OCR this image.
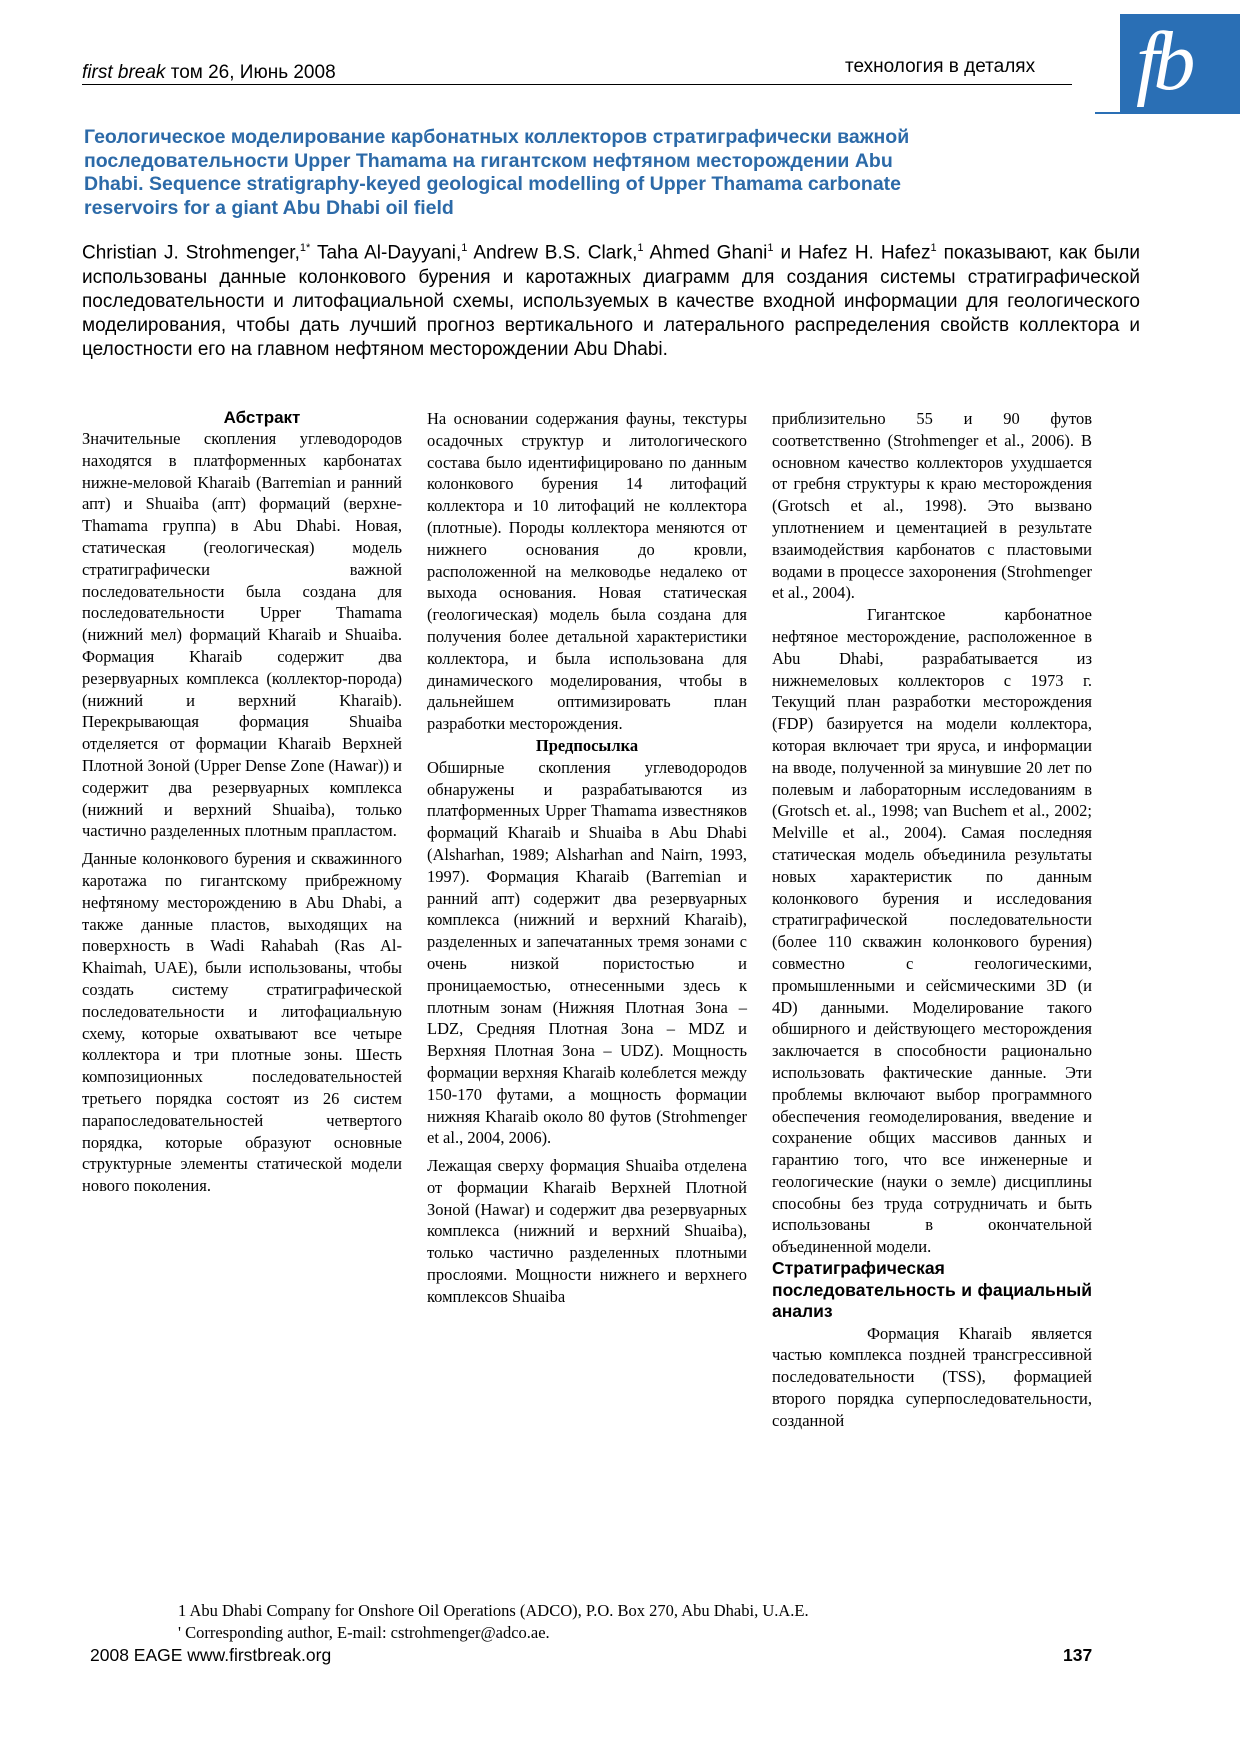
first break том 26, Июнь 2008	технология в деталях fb
Геологическое моделирование карбонатных коллекторов стратиграфически важной последовательности Upper Thamama на гигантском нефтяном месторождении Abu Dhabi. Sequence stratigraphy-keyed geological modelling of Upper Thamama carbonate reservoirs for a giant Abu Dhabi oil field
Christian J. Strohmenger,$^{1*}$ Taha Al-Dayyani,$^1$ Andrew B.S. Clark,$^1$ Ahmed Ghani$^1$ и Hafez H. Hafez$^1$ показывают, как были использованы данные колонкового бурения и каротажных диаграмм для создания системы стратиграфической последовательности и литофациальной схемы, используемых в качестве входной информации для геологического моделирования, чтобы дать лучший прогноз вертикального и латерального распределения свойств коллектора и целостности его на главном нефтяном месторождении Abu Dhabi.

Абстракт

Значительные скопления углеводородов находятся в платформенных карбонатах нижне-меловой Kharaib (Barremian и ранний апт) и Shuaiba (апт) формаций (верхне-Thamama группа) в Abu Dhabi. Новая, статическая (геологическая) модель стратиграфически важной последовательности была создана для последовательности Upper Thamama (нижний мел) формаций Kharaib и Shuaiba. Формация Kharaib содержит два резервуарных комплекса (коллектор-порода) (нижний и верхний Kharaib). Перекрывающая формация Shuaiba отделяется от формации Kharaib Верхней Плотной Зоной (Upper Dense Zone (Hawar)) и содержит два резервуарных комплекса (нижний и верхний Shuaiba), только частично разделенных плотным прапластом.

Данные колонкового бурения и скважинного каротажа по гигантскому прибрежному нефтяному месторождению в Abu Dhabi, а также данные пластов, выходящих на поверхность в Wadi Rahabah (Ras Al-Khaimah, UAE), были использованы, чтобы создать систему стратиграфической последовательности и литофациальную схему, которые охватывают все четыре коллектора и три плотные зоны. Шесть композиционных последовательностей третьего порядка состоят из 26 систем парапоследовательностей четвертого порядка, которые образуют основные структурные элементы статической модели нового поколения.

На основании содержания фауны, текстуры осадочных структур и литологического состава было идентифицировано по данным колонкового бурения 14 литофаций коллектора и 10 литофаций не коллектора (плотные). Породы коллектора меняются от нижнего основания до кровли, расположенной на мелководье недалеко от выхода основания. Новая статическая (геологическая) модель была создана для получения более детальной характеристики коллектора, и была использована для динамического моделирования, чтобы в дальнейшем оптимизировать план разработки месторождения.

Предпосылка

Обширные скопления углеводородов обнаружены и разрабатываются из платформенных Upper Thamama известняков формаций Kharaib и Shuaiba в Abu Dhabi (Alsharhan, 1989; Alsharhan and Nairn, 1993, 1997). Формация Kharaib (Barremian и ранний апт) содержит два резервуарных комплекса (нижний и верхний Kharaib), разделенных и запечатанных тремя зонами с очень низкой пористостью и проницаемостью, отнесенными здесь к плотным зонам (Нижняя Плотная Зона – LDZ, Средняя Плотная Зона – MDZ и Верхняя Плотная Зона – UDZ). Мощность формации верхняя Kharaib колеблется между 150-170 футами, а мощность формации нижняя Kharaib около 80 футов (Strohmenger et al., 2004, 2006).

Лежащая сверху формация Shuaiba отделена от формации Kharaib Верхней Плотной Зоной (Hawar) и содержит два резервуарных комплекса (нижний и верхний Shuaiba), только частично разделенных плотными прослоями. Мощности нижнего и верхнего комплексов Shuaiba

приблизительно 55 и 90 футов соответственно (Strohmenger et al., 2006). В основном качество коллекторов ухудшается от гребня структуры к краю месторождения (Grotsch et al., 1998). Это вызвано уплотнением и цементацией в результате взаимодействия карбонатов с пластовыми водами в процессе захоронения (Strohmenger et al., 2004).

Гигантское карбонатное нефтяное месторождение, расположенное в Abu Dhabi, разрабатывается из нижнемеловых коллекторов с 1973 г. Текущий план разработки месторождения (FDP) базируется на модели коллектора, которая включает три яруса, и информации на вводе, полученной за минувшие 20 лет по полевым и лабораторным исследованиям в (Grotsch et. al., 1998; van Buchem et al., 2002; Melville et al., 2004). Самая последняя статическая модель объединила результаты новых характеристик по данным колонкового бурения и исследования стратиграфической последовательности (более 110 скважин колонкового бурения) совместно с геологическими, промышленными и сейсмическими 3D (и 4D) данными. Моделирование такого обширного и действующего месторождения заключается в способности рационально использовать фактические данные. Эти проблемы включают выбор программного обеспечения геомоделирования, введение и сохранение общих массивов данных и гарантию того, что все инженерные и геологические (науки о земле) дисциплины способны без труда сотрудничать и быть использованы в окончательной объединенной модели.

Стратиграфическая последовательность и фациальный анализ

Формация Kharaib является частью комплекса поздней трансгрессивной последовательности (TSS), формацией второго порядка суперпоследовательности, созданной

1 Abu Dhabi Company for Onshore Oil Operations (ADCO), P.O. Box 270, Abu Dhabi, U.A.E.
' Corresponding author, E-mail: cstrohmenger@adco.ae.
2008 EAGE www.firstbreak.org	137
